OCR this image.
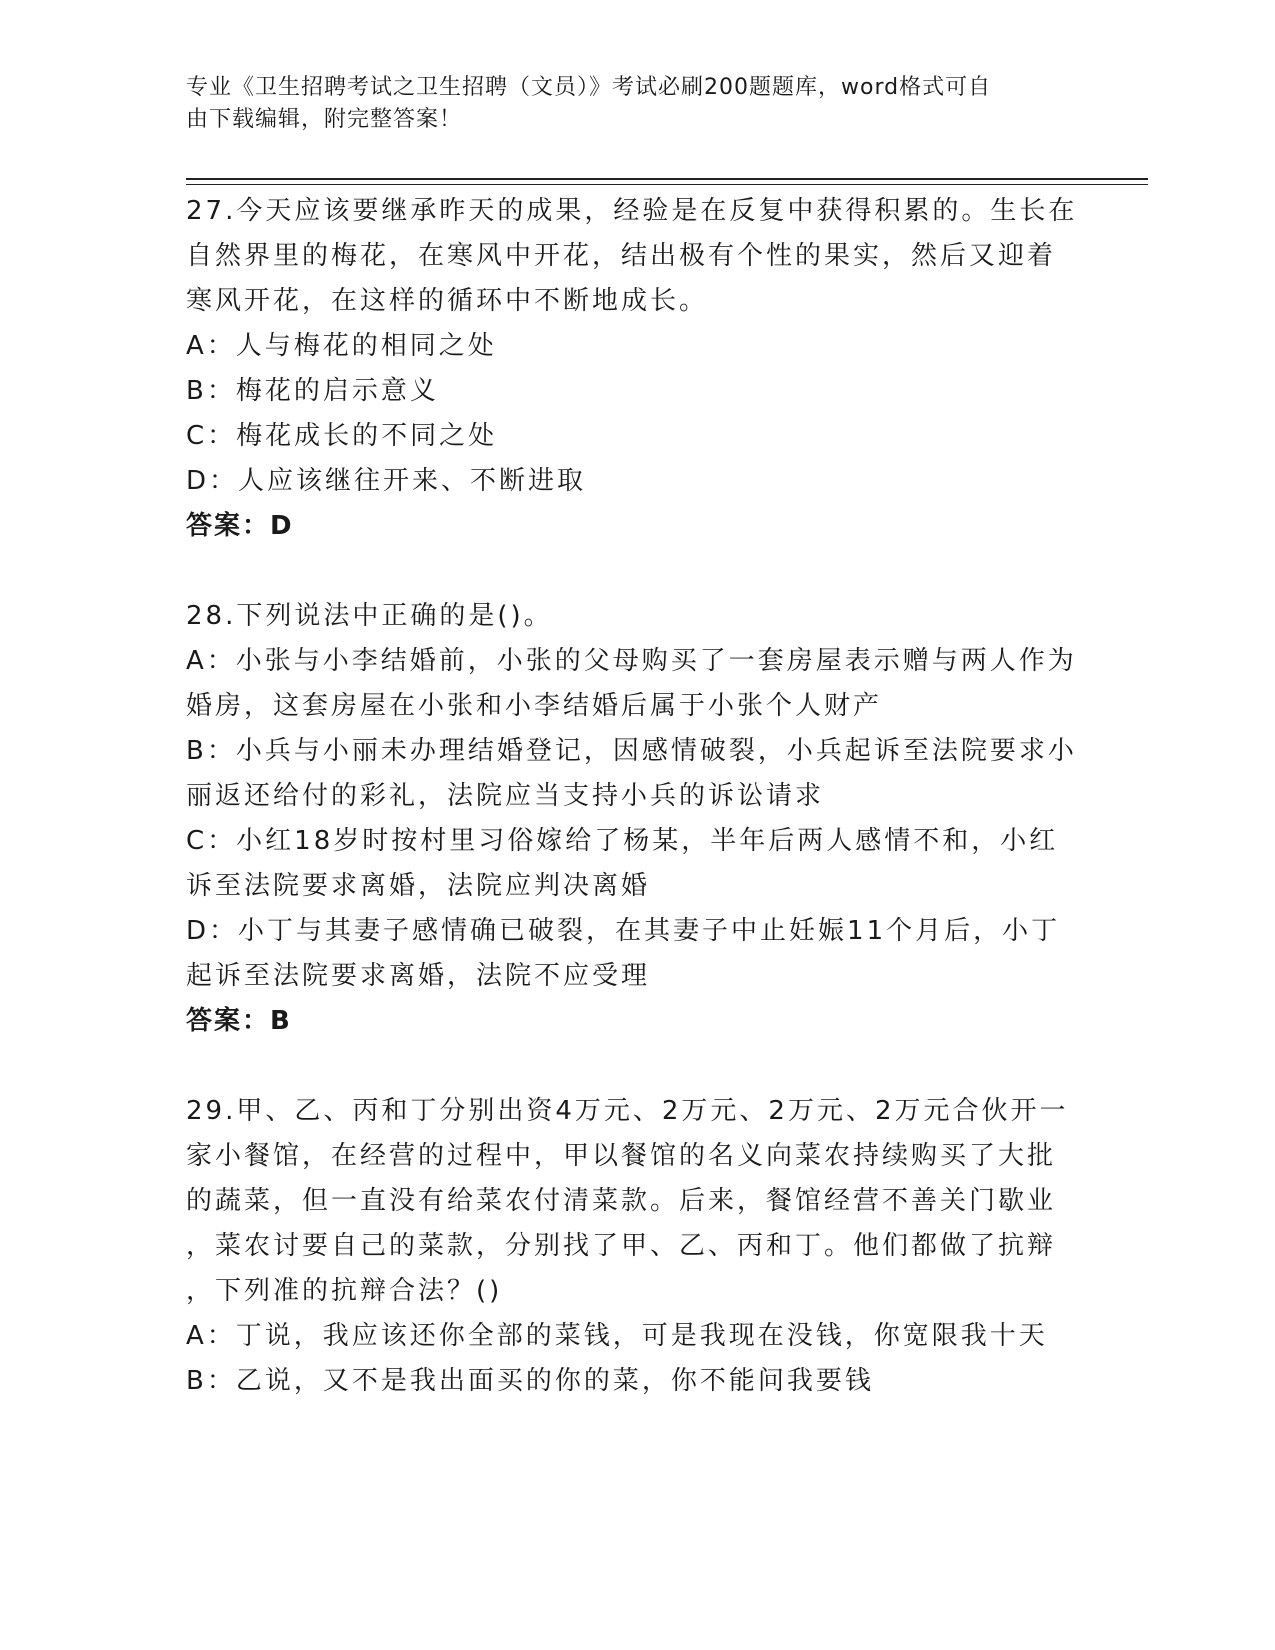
专业《卫生招聘考试之卫生招聘（文员）》考试必刷200题题库，word格式可自
由下载编辑，附完整答案！
27.今天应该要继承昨天的成果，经验是在反复中获得积累的。生长在
自然界里的梅花，在寒风中开花，结出极有个性的果实，然后又迎着
寒风开花，在这样的循环中不断地成长。
A：人与梅花的相同之处
B：梅花的启示意义
C：梅花成长的不同之处
D：人应该继往开来、不断进取
答案：D
28.下列说法中正确的是()。
A：小张与小李结婚前，小张的父母购买了一套房屋表示赠与两人作为
婚房，这套房屋在小张和小李结婚后属于小张个人财产
B：小兵与小丽未办理结婚登记，因感情破裂，小兵起诉至法院要求小
丽返还给付的彩礼，法院应当支持小兵的诉讼请求
C：小红18岁时按村里习俗嫁给了杨某，半年后两人感情不和，小红
诉至法院要求离婚，法院应判决离婚
D：小丁与其妻子感情确已破裂，在其妻子中止妊娠11个月后，小丁
起诉至法院要求离婚，法院不应受理
答案：B
29.甲、乙、丙和丁分别出资4万元、2万元、2万元、2万元合伙开一
家小餐馆，在经营的过程中，甲以餐馆的名义向菜农持续购买了大批
的蔬菜，但一直没有给菜农付清菜款。后来，餐馆经营不善关门歇业
，菜农讨要自己的菜款，分别找了甲、乙、丙和丁。他们都做了抗辩
，下列准的抗辩合法？()
A：丁说，我应该还你全部的菜钱，可是我现在没钱，你宽限我十天
B：乙说，又不是我出面买的你的菜，你不能问我要钱
